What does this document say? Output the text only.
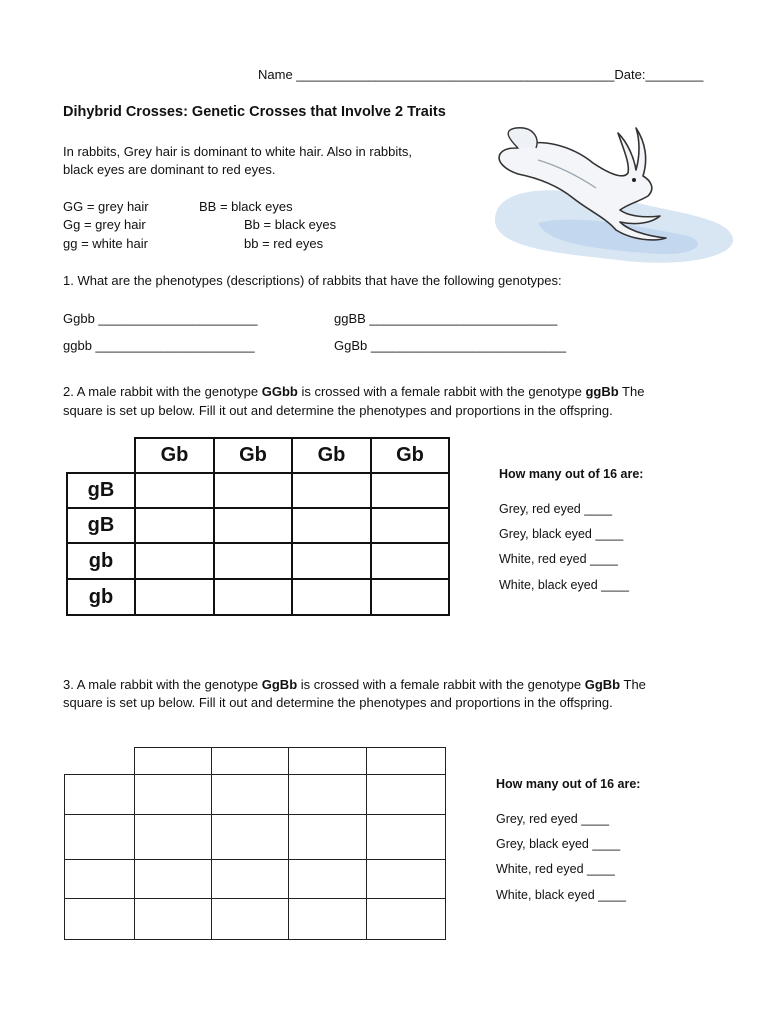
Name ____________________________________________Date:________
Dihybrid Crosses: Genetic Crosses that Involve 2 Traits
In rabbits, Grey hair is dominant to white hair. Also in rabbits,
black eyes are dominant to red eyes.
GG = grey hair
Gg = grey hair
gg = white hair
BB = black eyes
Bb = black eyes
bb = red eyes
1. What are the phenotypes (descriptions) of rabbits that have the following genotypes:
Ggbb ______________________	ggBB __________________________
ggbb ______________________	GgBb ___________________________
2. A male rabbit with the genotype GGbb is crossed with a female rabbit with the genotype ggBb The
square is set up below. Fill it out and determine the phenotypes and proportions in the offspring.
	Gb	Gb	Gb	Gb
gB				
gB				
gb				
gb				
How many out of 16 are:
Grey, red eyed ____
Grey, black eyed ____
White, red eyed ____
White, black eyed ____
3. A male rabbit with the genotype GgBb is crossed with a female rabbit with the genotype GgBb The
square is set up below. Fill it out and determine the phenotypes and proportions in the offspring.

How many out of 16 are:
Grey, red eyed ____
Grey, black eyed ____
White, red eyed ____
White, black eyed ____
